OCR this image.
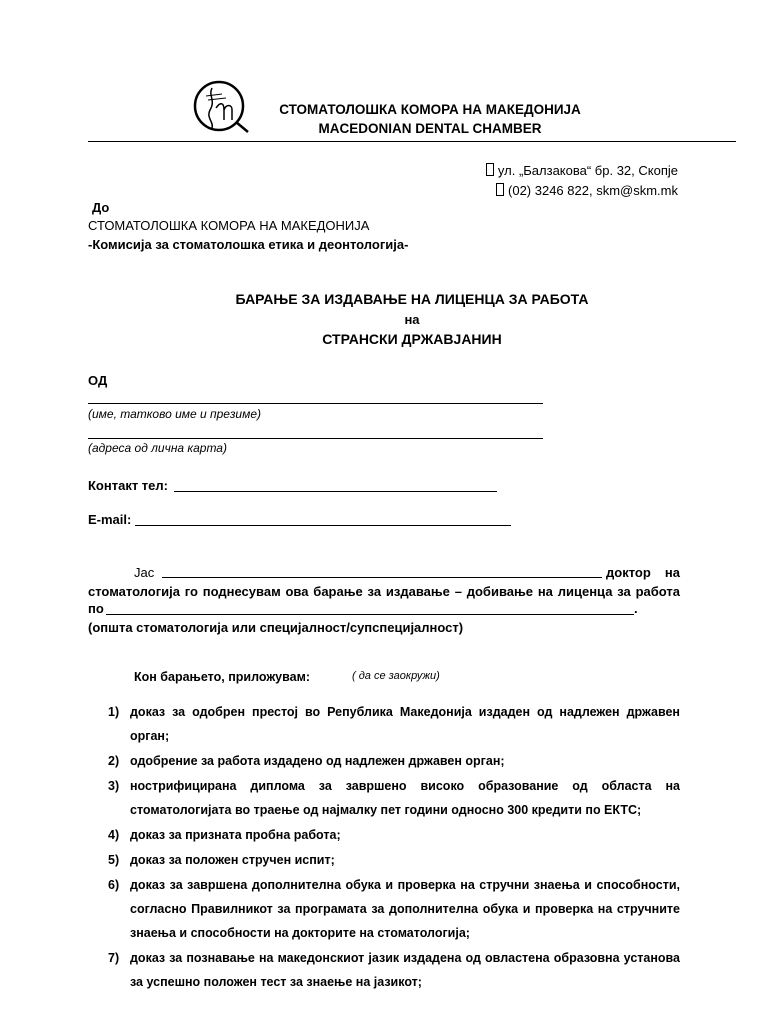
СТОМАТОЛОШКА КОМОРА НА МАКЕДОНИЈА
MACEDONIAN DENTAL CHAMBER
ул. „Балзакова“ бр. 32, Скопје
(02) 3246 822, skm@skm.mk
До
СТОМАТОЛОШКА КОМОРА НА МАКЕДОНИЈА
-Комисија за стоматолошка етика и деонтологија-
БАРАЊЕ ЗА ИЗДАВАЊЕ НА ЛИЦЕНЦА ЗА РАБОТА
на
СТРАНСКИ ДРЖАВЈАНИН
ОД
(име, татково име и презиме)
(адреса од лична карта)
Контакт тел:
E-mail:
Јас	доктор на
стоматологија го поднесувам ова барање за издавање – добивање на лиценца за работа
по	.
(општа стоматологија или специјалност/супспецијалност)
Кон барањето, приложувам:	( да се заокружи)
1) доказ за одобрен престој во Република Македонија издаден од надлежен државен орган;
2) одобрение за работа издадено од надлежен државен орган;
3) нострифицирана диплома за завршено високо образование од областа на стоматологијата во траење од најмалку пет години односно 300 кредити по ЕКТС;
4) доказ за призната пробна работа;
5) доказ за положен стручен испит;
6) доказ за завршена дополнителна обука и проверка на стручни знаења и способности, согласно Правилникот за програмата за дополнителна обука и проверка на стручните знаења и способности на докторите на стоматологија;
7) доказ за познавање на македонскиот јазик издадена од овластена образовна установа за успешно положен тест за знаење на јазикот;
